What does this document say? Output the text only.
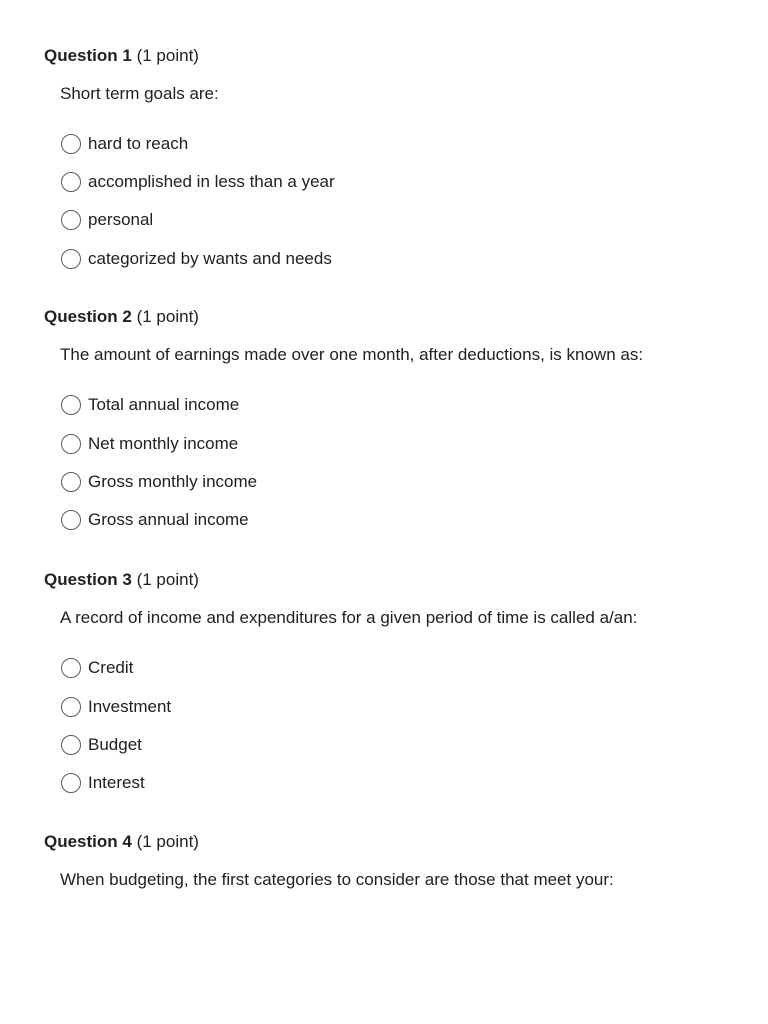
Question 1 (1 point)
Short term goals are:
hard to reach
accomplished in less than a year
personal
categorized by wants and needs
Question 2 (1 point)
The amount of earnings made over one month, after deductions, is known as:
Total annual income
Net monthly income
Gross monthly income
Gross annual income
Question 3 (1 point)
A record of income and expenditures for a given period of time is called a/an:
Credit
Investment
Budget
Interest
Question 4 (1 point)
When budgeting, the first categories to consider are those that meet your:
